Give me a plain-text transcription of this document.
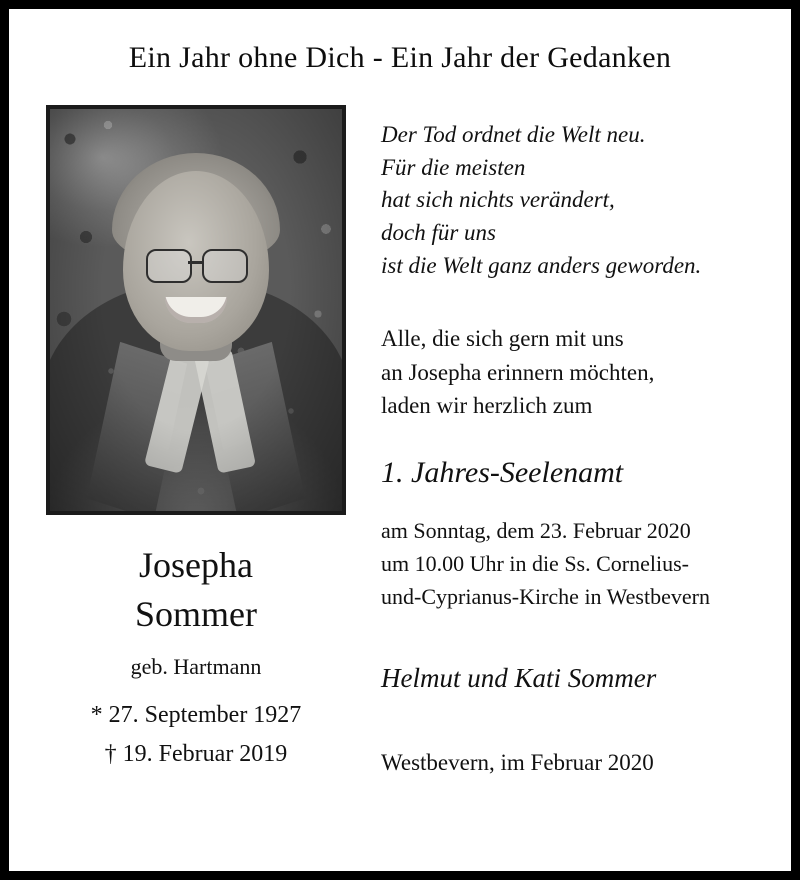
Ein Jahr ohne Dich - Ein Jahr der Gedanken
Josepha
Sommer
geb. Hartmann
* 27. September 1927
† 19. Februar 2019
Der Tod ordnet die Welt neu.
Für die meisten
hat sich nichts verändert,
doch für uns
ist die Welt ganz anders geworden.
Alle, die sich gern mit uns
an Josepha erinnern möchten,
laden wir herzlich zum
1. Jahres-Seelenamt
am Sonntag, dem 23. Februar 2020
um 10.00 Uhr in die Ss. Cornelius-
und-Cyprianus-Kirche in Westbevern
Helmut und Kati Sommer
Westbevern, im Februar 2020
